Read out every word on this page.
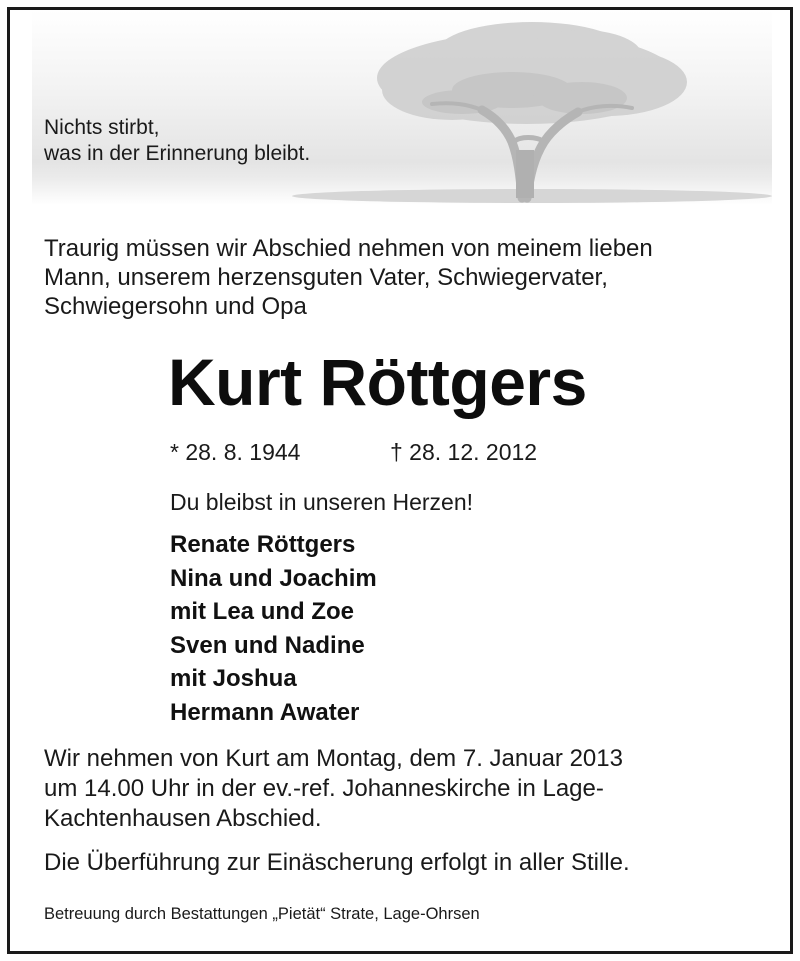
Nichts stirbt,
was in der Erinnerung bleibt.
Traurig müssen wir Abschied nehmen von meinem lieben
Mann, unserem herzensguten Vater, Schwiegervater,
Schwiegersohn und Opa
Kurt Röttgers
* 28. 8. 1944	† 28. 12. 2012
Du bleibst in unseren Herzen!
Renate Röttgers
Nina und Joachim
mit Lea und Zoe
Sven und Nadine
mit Joshua
Hermann Awater
Wir nehmen von Kurt am Montag, dem 7. Januar 2013
um 14.00 Uhr in der ev.-ref. Johanneskirche in Lage-
Kachtenhausen Abschied.
Die Überführung zur Einäscherung erfolgt in aller Stille.
Betreuung durch Bestattungen „Pietät“ Strate, Lage-Ohrsen
